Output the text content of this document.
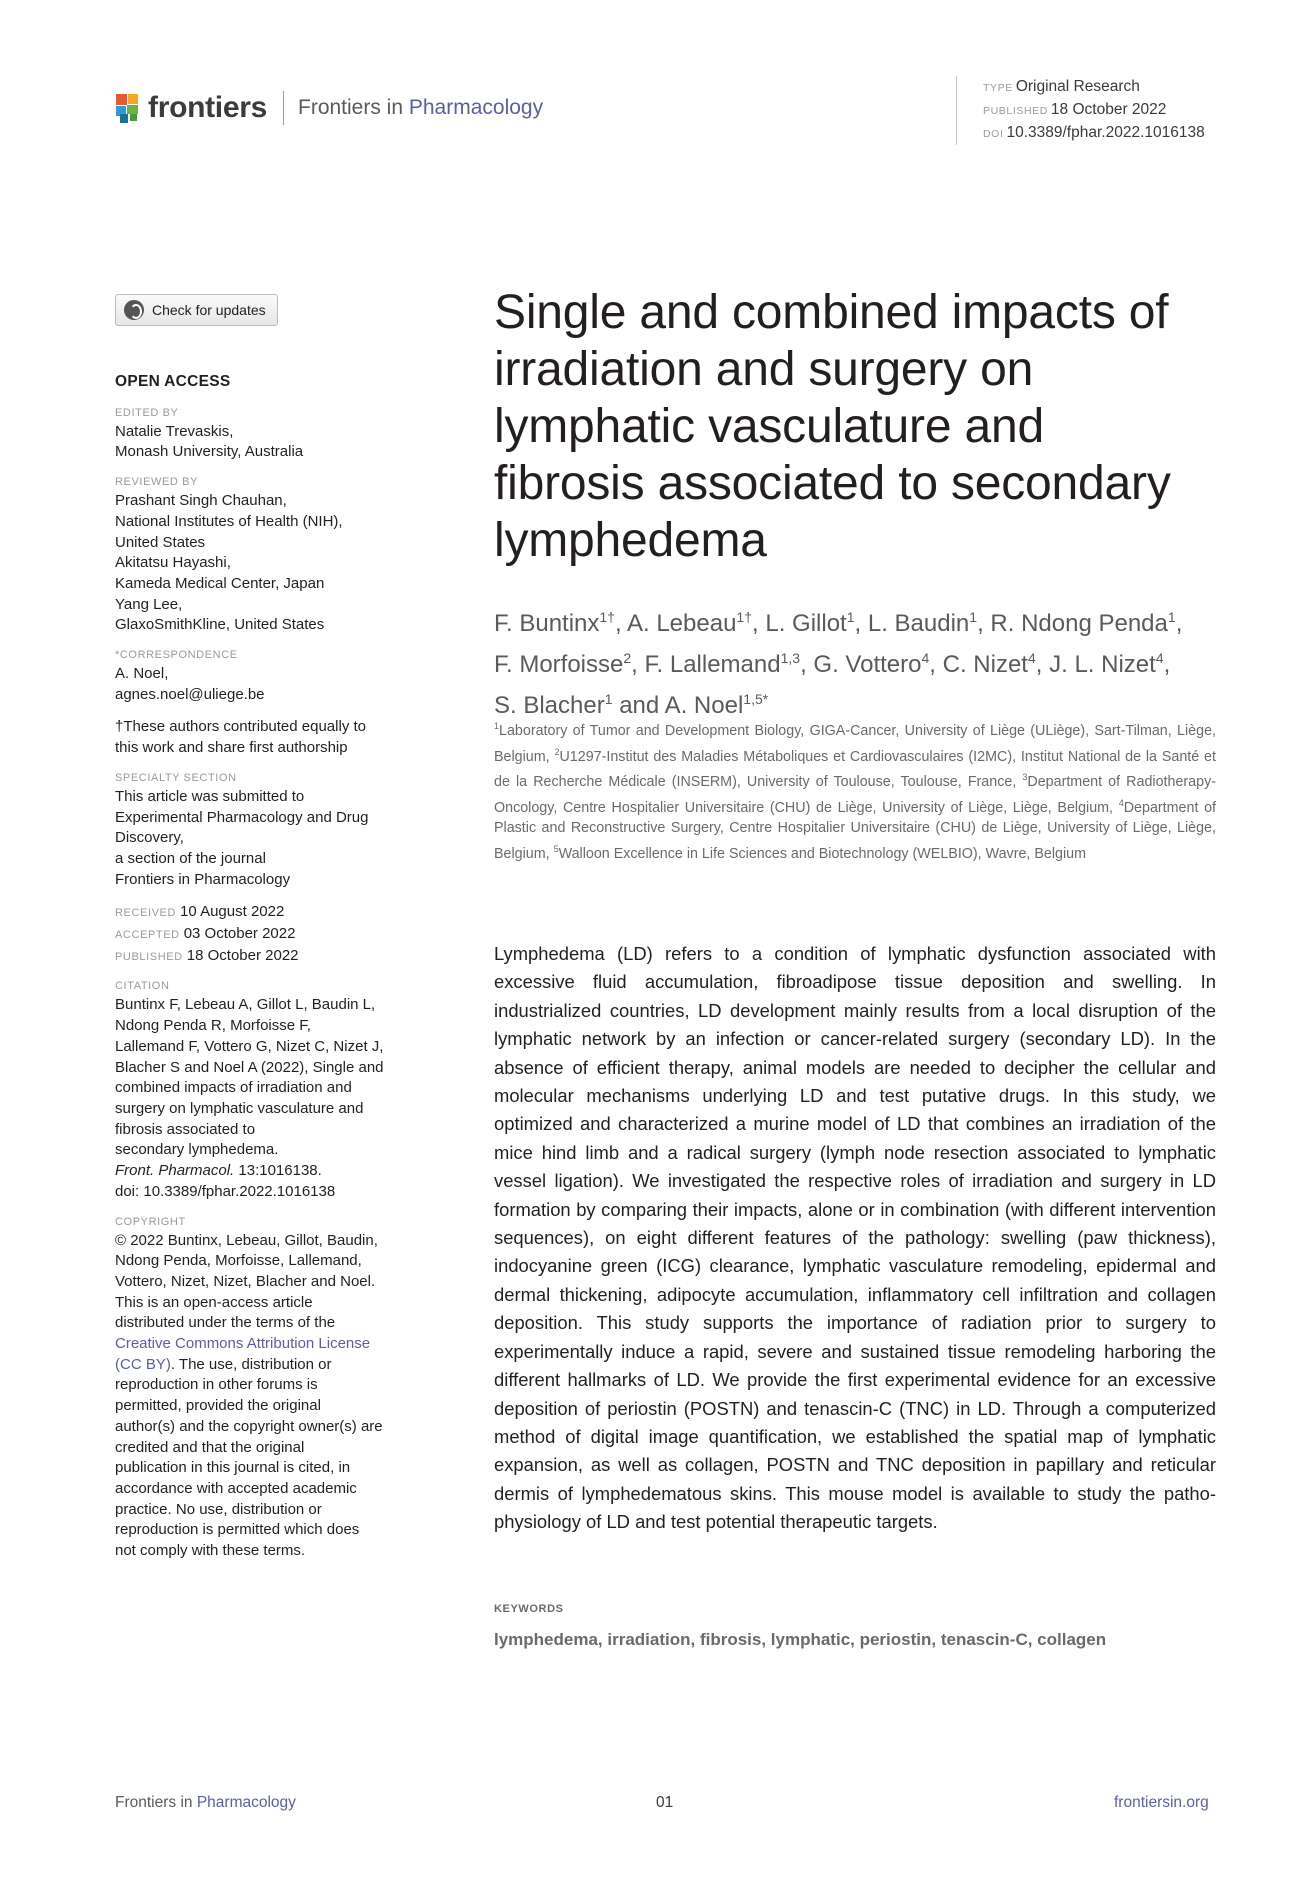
frontiers Frontiers in Pharmacology
TYPE Original Research
PUBLISHED 18 October 2022
DOI 10.3389/fphar.2022.1016138
Check for updates
OPEN ACCESS
EDITED BY
Natalie Trevaskis,
Monash University, Australia
REVIEWED BY
Prashant Singh Chauhan,
National Institutes of Health (NIH),
United States
Akitatsu Hayashi,
Kameda Medical Center, Japan
Yang Lee,
GlaxoSmithKline, United States
*CORRESPONDENCE
A. Noel,
agnes.noel@uliege.be
†These authors contributed equally to
this work and share first authorship
SPECIALTY SECTION
This article was submitted to
Experimental Pharmacology and Drug
Discovery,
a section of the journal
Frontiers in Pharmacology
RECEIVED 10 August 2022
ACCEPTED 03 October 2022
PUBLISHED 18 October 2022
CITATION
Buntinx F, Lebeau A, Gillot L, Baudin L,
Ndong Penda R, Morfoisse F,
Lallemand F, Vottero G, Nizet C, Nizet J,
Blacher S and Noel A (2022), Single and
combined impacts of irradiation and
surgery on lymphatic vasculature and
fibrosis associated to
secondary lymphedema.
Front. Pharmacol. 13:1016138.
doi: 10.3389/fphar.2022.1016138
COPYRIGHT
© 2022 Buntinx, Lebeau, Gillot, Baudin,
Ndong Penda, Morfoisse, Lallemand,
Vottero, Nizet, Nizet, Blacher and Noel.
This is an open-access article
distributed under the terms of the
Creative Commons Attribution License
(CC BY). The use, distribution or
reproduction in other forums is
permitted, provided the original
author(s) and the copyright owner(s) are
credited and that the original
publication in this journal is cited, in
accordance with accepted academic
practice. No use, distribution or
reproduction is permitted which does
not comply with these terms.
Single and combined impacts of
irradiation and surgery on
lymphatic vasculature and
fibrosis associated to secondary
lymphedema
F. Buntinx$^{1\dagger}$, A. Lebeau$^{1\dagger}$, L. Gillot$^1$, L. Baudin$^1$, R. Ndong Penda$^1$,
F. Morfoisse$^2$, F. Lallemand$^{1,3}$, G. Vottero$^4$, C. Nizet$^4$, J. L. Nizet$^4$,
S. Blacher$^1$ and A. Noel$^{1,5*}$
$^1$Laboratory of Tumor and Development Biology, GIGA-Cancer, University of Liège (ULiège), Sart-Tilman, Liège, Belgium, $^2$U1297-Institut des Maladies Métaboliques et Cardiovasculaires (I2MC), Institut National de la Santé et de la Recherche Médicale (INSERM), University of Toulouse, Toulouse, France, $^3$Department of Radiotherapy-Oncology, Centre Hospitalier Universitaire (CHU) de Liège, University of Liège, Liège, Belgium, $^4$Department of Plastic and Reconstructive Surgery, Centre Hospitalier Universitaire (CHU) de Liège, University of Liège, Liège, Belgium, $^5$Walloon Excellence in Life Sciences and Biotechnology (WELBIO), Wavre, Belgium
Lymphedema (LD) refers to a condition of lymphatic dysfunction associated with excessive fluid accumulation, fibroadipose tissue deposition and swelling. In industrialized countries, LD development mainly results from a local disruption of the lymphatic network by an infection or cancer-related surgery (secondary LD). In the absence of efficient therapy, animal models are needed to decipher the cellular and molecular mechanisms underlying LD and test putative drugs. In this study, we optimized and characterized a murine model of LD that combines an irradiation of the mice hind limb and a radical surgery (lymph node resection associated to lymphatic vessel ligation). We investigated the respective roles of irradiation and surgery in LD formation by comparing their impacts, alone or in combination (with different intervention sequences), on eight different features of the pathology: swelling (paw thickness), indocyanine green (ICG) clearance, lymphatic vasculature remodeling, epidermal and dermal thickening, adipocyte accumulation, inflammatory cell infiltration and collagen deposition. This study supports the importance of radiation prior to surgery to experimentally induce a rapid, severe and sustained tissue remodeling harboring the different hallmarks of LD. We provide the first experimental evidence for an excessive deposition of periostin (POSTN) and tenascin-C (TNC) in LD. Through a computerized method of digital image quantification, we established the spatial map of lymphatic expansion, as well as collagen, POSTN and TNC deposition in papillary and reticular dermis of lymphedematous skins. This mouse model is available to study the patho-physiology of LD and test potential therapeutic targets.
KEYWORDS
lymphedema, irradiation, fibrosis, lymphatic, periostin, tenascin-C, collagen
Frontiers in Pharmacology	01	frontiersin.org
